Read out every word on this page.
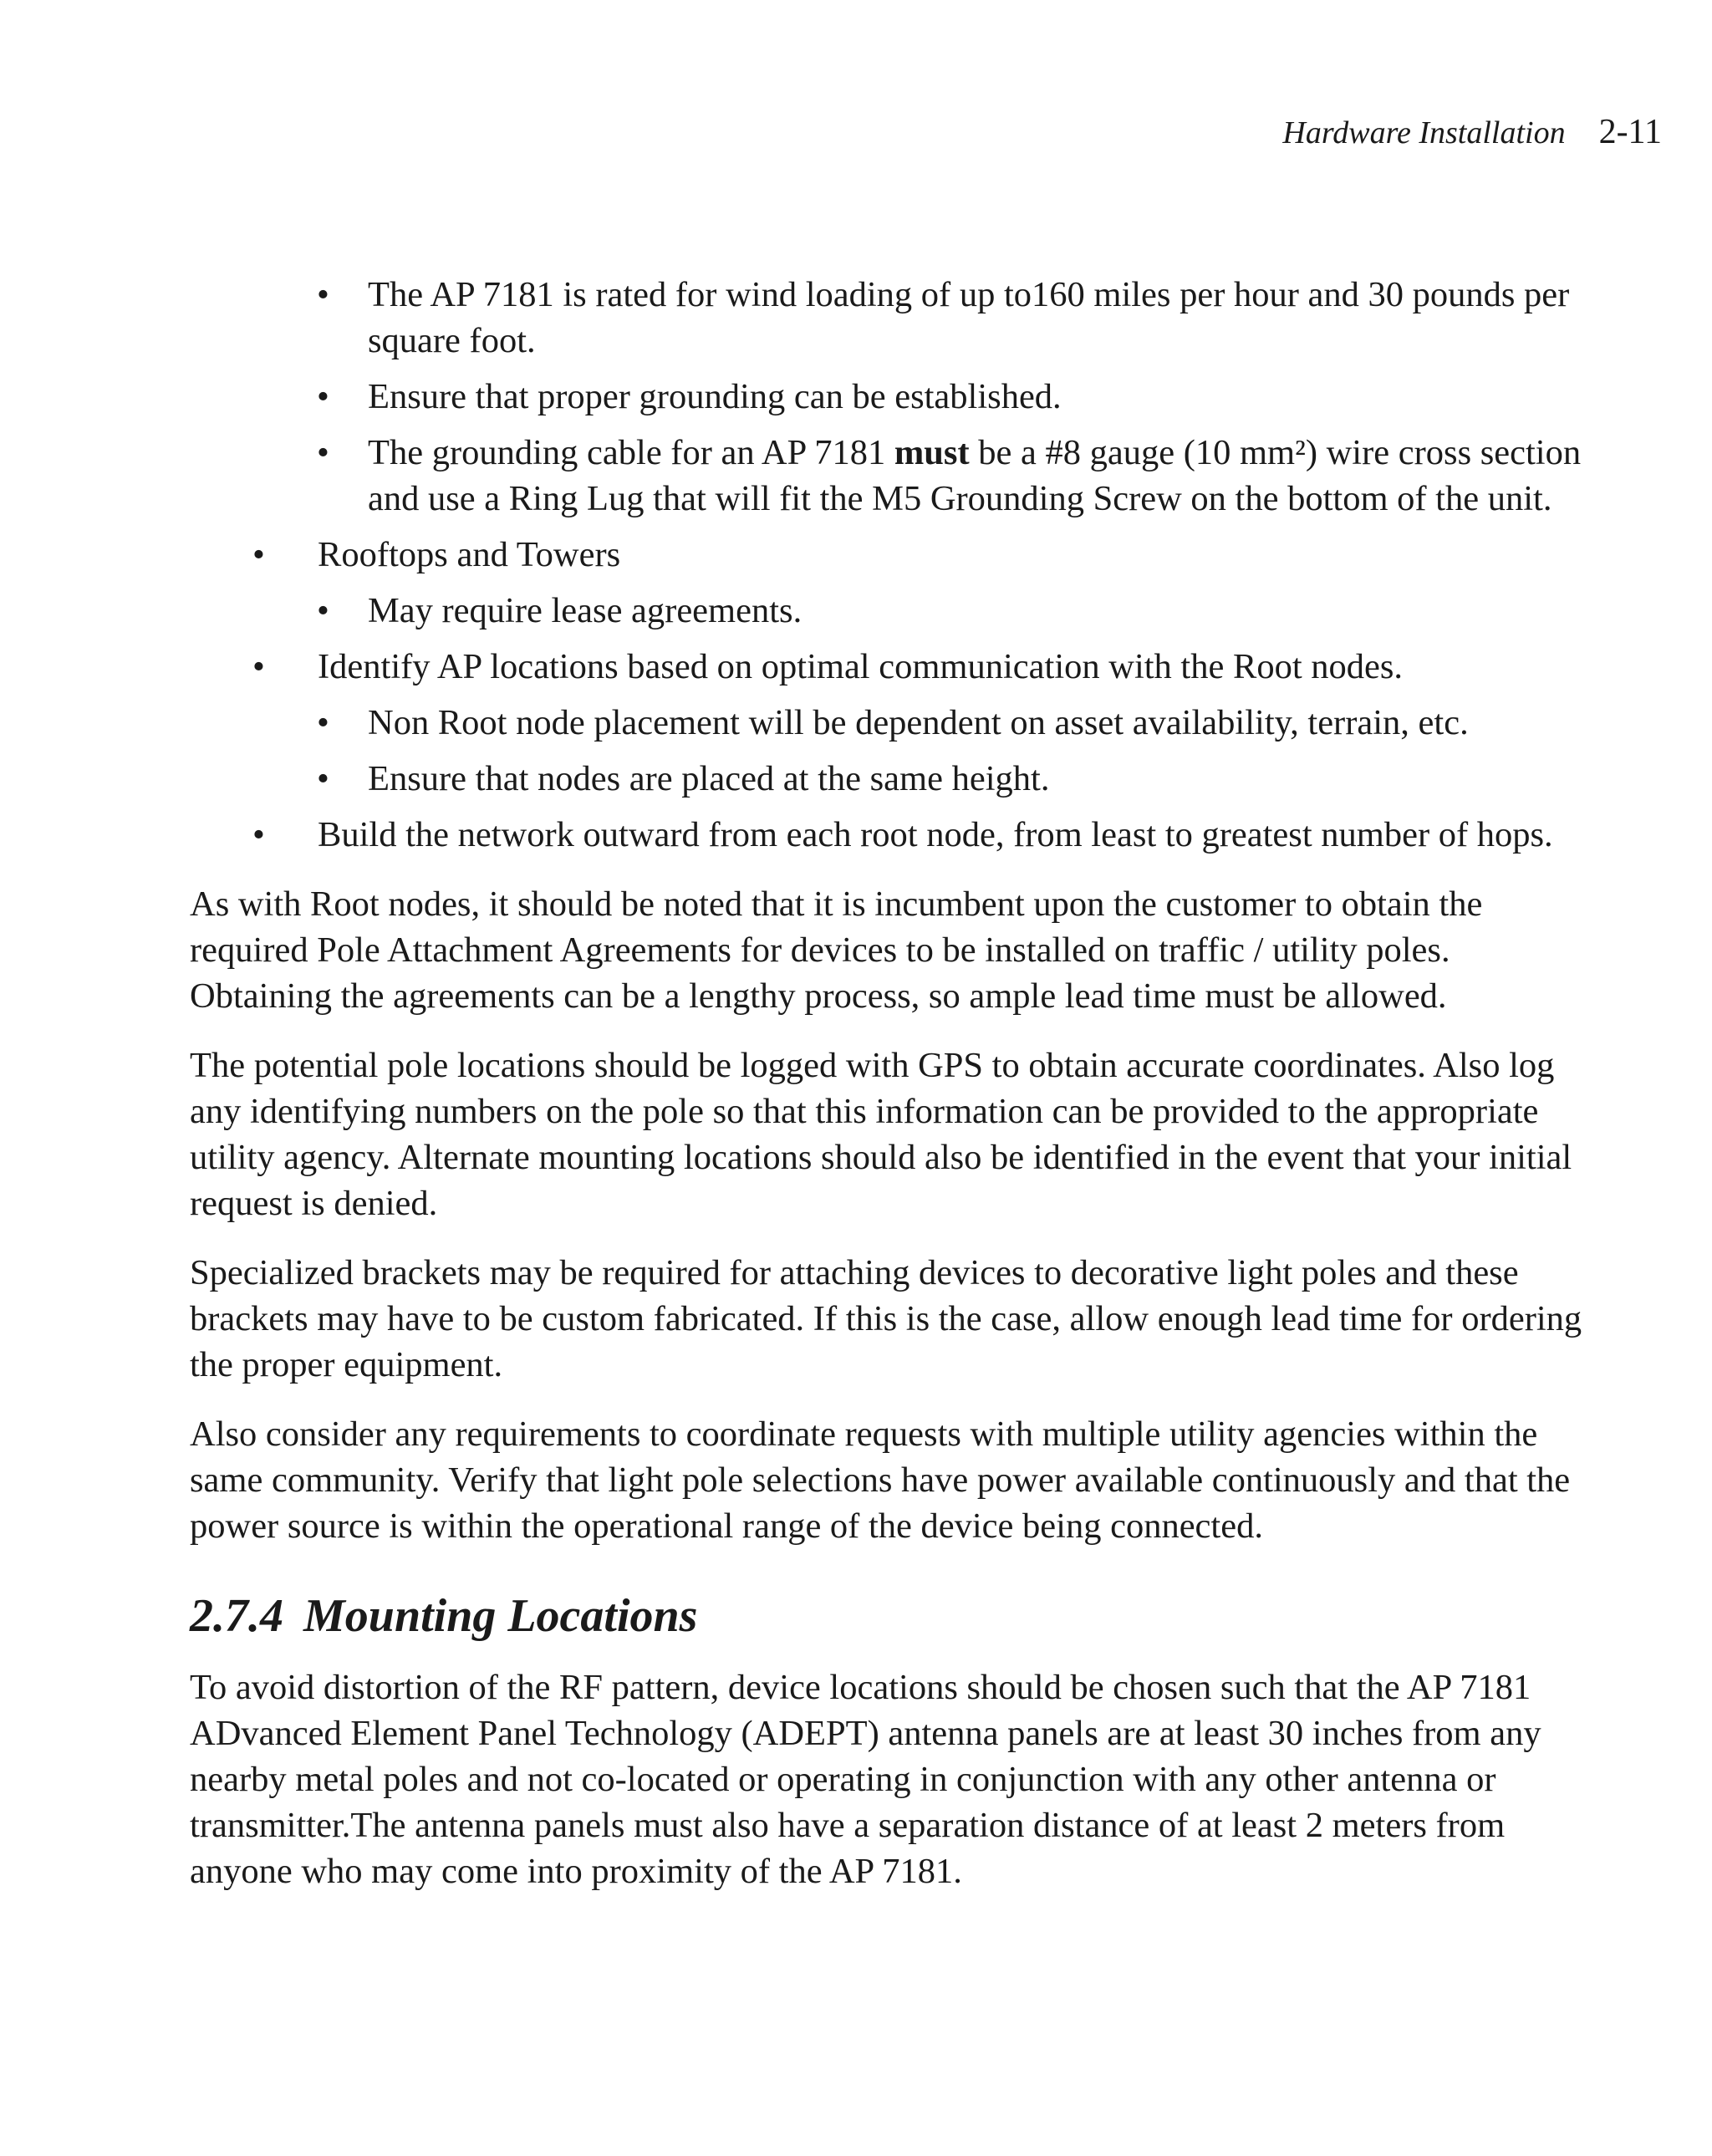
Hardware Installation 2-11
• The AP 7181 is rated for wind loading of up to160 miles per hour and 30 pounds per square foot.
• Ensure that proper grounding can be established.
• The grounding cable for an AP 7181 must be a #8 gauge (10 mm²) wire cross section and use a Ring Lug that will fit the M5 Grounding Screw on the bottom of the unit.
• Rooftops and Towers
• May require lease agreements.
• Identify AP locations based on optimal communication with the Root nodes.
• Non Root node placement will be dependent on asset availability, terrain, etc.
• Ensure that nodes are placed at the same height.
• Build the network outward from each root node, from least to greatest number of hops.

As with Root nodes, it should be noted that it is incumbent upon the customer to obtain the required Pole Attachment Agreements for devices to be installed on traffic / utility poles. Obtaining the agreements can be a lengthy process, so ample lead time must be allowed.

The potential pole locations should be logged with GPS to obtain accurate coordinates. Also log any identifying numbers on the pole so that this information can be provided to the appropriate utility agency. Alternate mounting locations should also be identified in the event that your initial request is denied.

Specialized brackets may be required for attaching devices to decorative light poles and these brackets may have to be custom fabricated. If this is the case, allow enough lead time for ordering the proper equipment.

Also consider any requirements to coordinate requests with multiple utility agencies within the same community. Verify that light pole selections have power available continuously and that the power source is within the operational range of the device being connected.

2.7.4 Mounting Locations

To avoid distortion of the RF pattern, device locations should be chosen such that the AP 7181 ADvanced Element Panel Technology (ADEPT) antenna panels are at least 30 inches from any nearby metal poles and not co-located or operating in conjunction with any other antenna or transmitter.The antenna panels must also have a separation distance of at least 2 meters from anyone who may come into proximity of the AP 7181.
